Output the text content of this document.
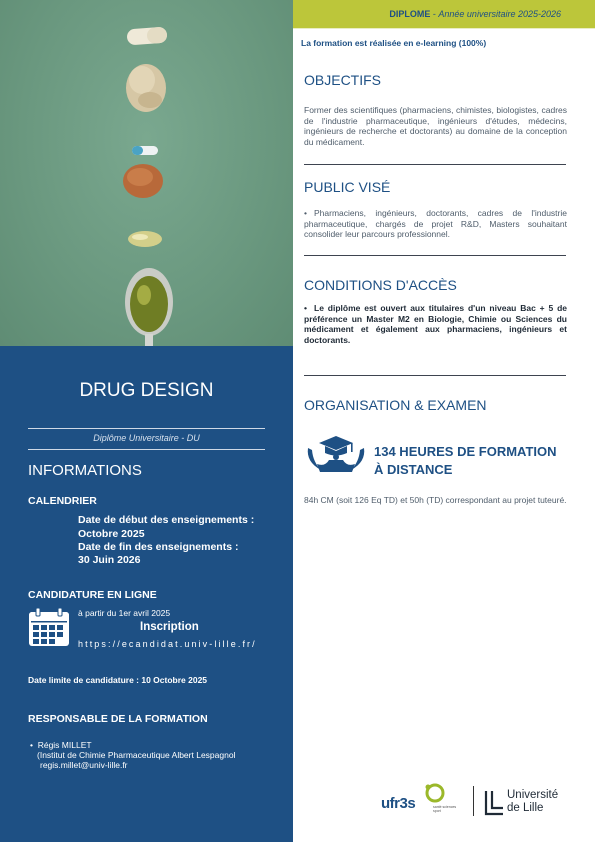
DRUG DESIGN
Diplôme Universitaire - DU
INFORMATIONS
CALENDRIER
Date de début des enseignements :
Octobre 2025
Date de fin des enseignements :
30 Juin 2026
CANDIDATURE EN LIGNE
à partir du 1er avril 2025
Inscription
https://ecandidat.univ-lille.fr/
Date limite de candidature : 10 Octobre 2025
RESPONSABLE DE LA FORMATION
•  Régis MILLET
(Institut de Chimie Pharmaceutique Albert Lespagnol
regis.millet@univ-lille.fr
DIPLOME - Année universitaire 2025-2026
La formation est réalisée en e-learning (100%)
OBJECTIFS
Former des scientifiques (pharmaciens, chimistes, biologistes, cadres de l'industrie pharmaceutique, ingénieurs d'études, médecins, ingénieurs de recherche et doctorants) au domaine de la conception du médicament.
PUBLIC VISÉ
• Pharmaciens, ingénieurs, doctorants, cadres de l'industrie pharmaceutique, chargés de projet R&D, Masters souhaitant consolider leur parcours professionnel.
CONDITIONS D'ACCÈS
• Le diplôme est ouvert aux titulaires d'un niveau Bac + 5 de préférence un Master M2 en Biologie, Chimie ou Sciences du médicament et également aux pharmaciens, ingénieurs et doctorants.
ORGANISATION & EXAMEN
134 HEURES DE FORMATION
À DISTANCE
84h CM (soit 126 Eq TD) et 50h (TD) correspondant au projet tuteuré.
ufr3s	santé sciences sport
Université
de Lille
